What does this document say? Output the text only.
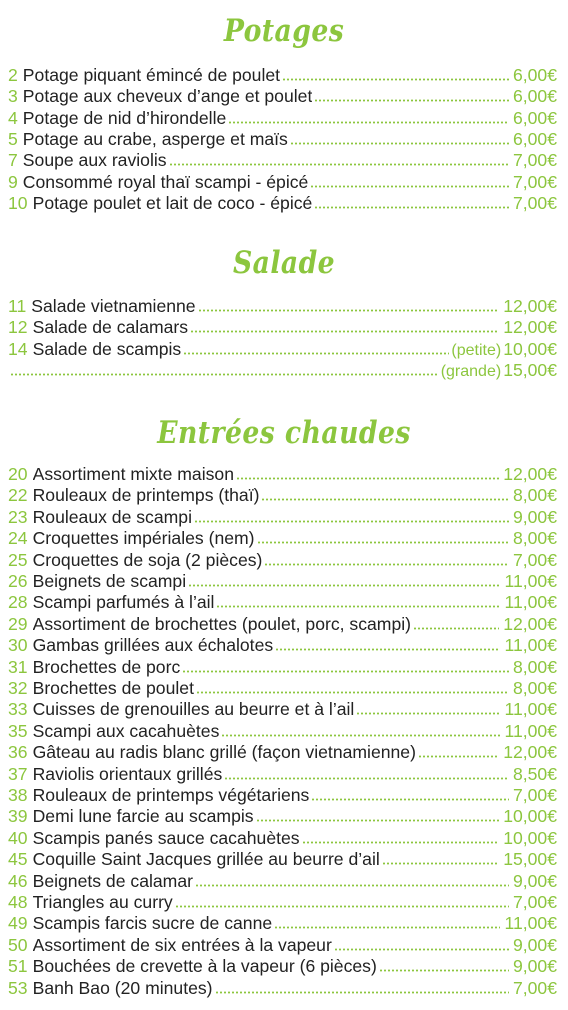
Potages
Salade
Entrées chaudes
2 Potage piquant émincé de poulet	6,00€
3 Potage aux cheveux d’ange et poulet	6,00€
4 Potage de nid d’hirondelle	6,00€
5 Potage au crabe, asperge et maïs	6,00€
7 Soupe aux raviolis	7,00€
9 Consommé royal thaï scampi - épicé	7,00€
10 Potage poulet et lait de coco - épicé	7,00€
11 Salade vietnamienne	12,00€
12 Salade de calamars	12,00€
14 Salade de scampis	(petite) 10,00€
(grande) 15,00€
20 Assortiment mixte maison	12,00€
22 Rouleaux de printemps (thaï)	8,00€
23 Rouleaux de scampi	9,00€
24 Croquettes impériales (nem)	8,00€
25 Croquettes de soja (2 pièces)	7,00€
26 Beignets de scampi	11,00€
28 Scampi parfumés à l’ail	11,00€
29 Assortiment de brochettes (poulet, porc, scampi)	12,00€
30 Gambas grillées aux échalotes	11,00€
31 Brochettes de porc	8,00€
32 Brochettes de poulet	8,00€
33 Cuisses de grenouilles au beurre et à l’ail	11,00€
35 Scampi aux cacahuètes	11,00€
36 Gâteau au radis blanc grillé (façon vietnamienne)	12,00€
37 Raviolis orientaux grillés	8,50€
38 Rouleaux de printemps végétariens	7,00€
39 Demi lune farcie au scampis	10,00€
40 Scampis panés sauce cacahuètes	10,00€
45 Coquille Saint Jacques grillée au beurre d’ail	15,00€
46 Beignets de calamar	9,00€
48 Triangles au curry	7,00€
49 Scampis farcis sucre de canne	11,00€
50 Assortiment de six entrées à la vapeur	9,00€
51 Bouchées de crevette à la vapeur (6 pièces)	9,00€
53 Banh Bao (20 minutes)	7,00€
